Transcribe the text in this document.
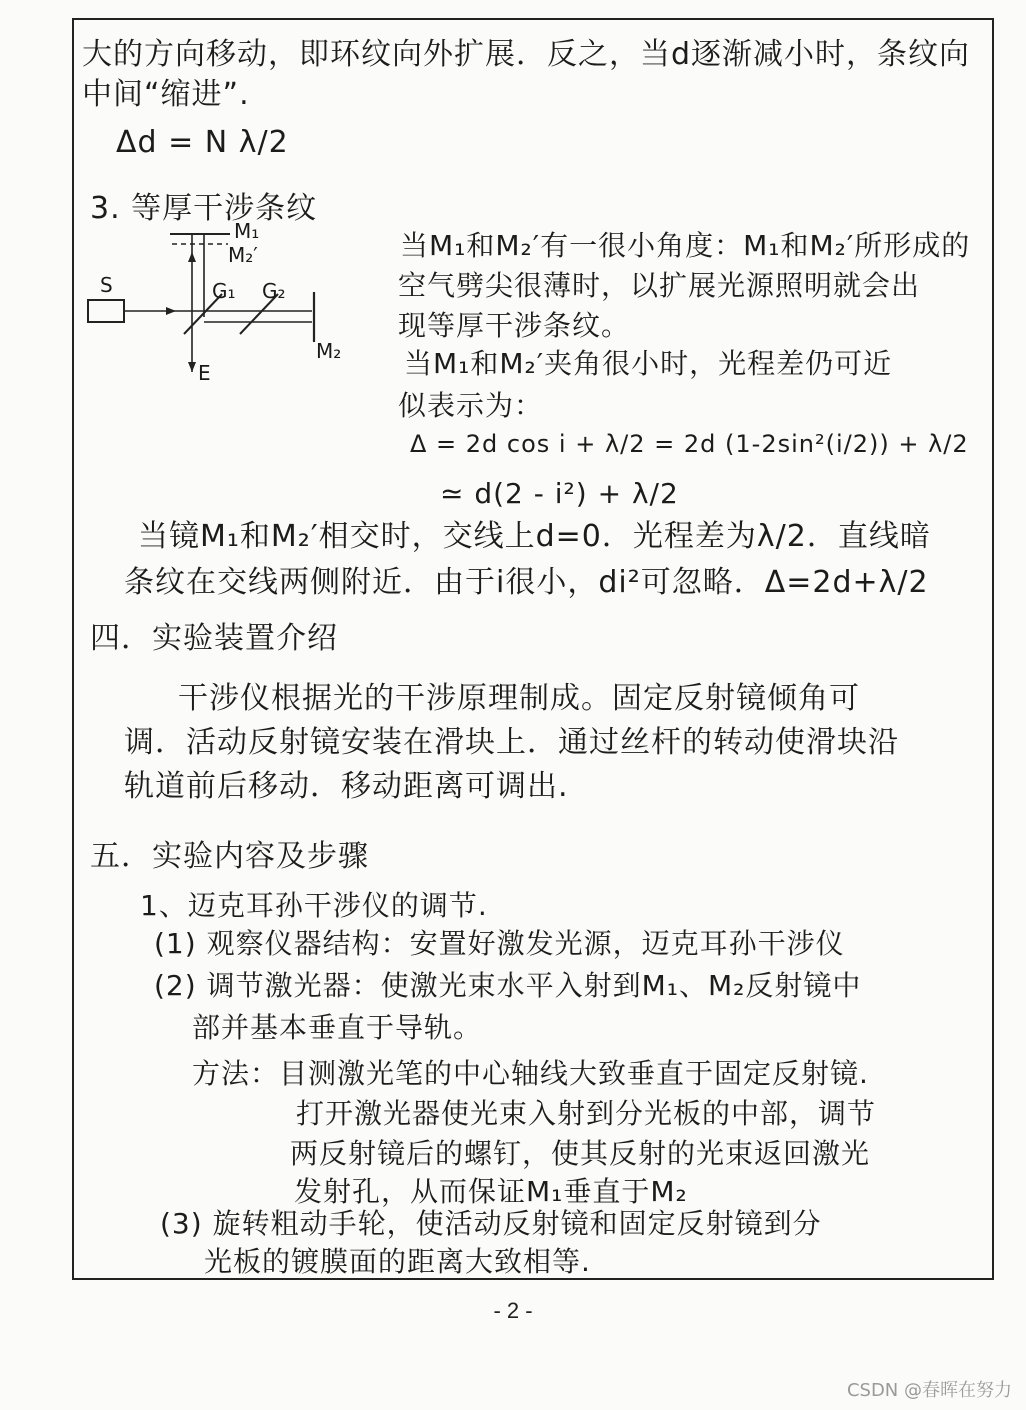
大的方向移动，即环纹向外扩展．反之，当d逐渐减小时，条纹向
中间“缩进”.
Δd = N λ/2
3. 等厚干涉条纹
M₁
M₂′
S	G₁ G₂
M₂
E
当M₁和M₂′有一很小角度：M₁和M₂′所形成的
空气劈尖很薄时，以扩展光源照明就会出
现等厚干涉条纹。
当M₁和M₂′夹角很小时，光程差仍可近
似表示为：
Δ = 2d cos i + λ/2 = 2d (1-2sin²(i/2)) + λ/2
≃ d(2 - i²) + λ/2
当镜M₁和M₂′相交时，交线上d=0．光程差为λ/2．直线暗
条纹在交线两侧附近．由于i很小，di²可忽略．Δ=2d+λ/2
四．实验装置介绍
干涉仪根据光的干涉原理制成。固定反射镜倾角可
调．活动反射镜安装在滑块上．通过丝杆的转动使滑块沿
轨道前后移动．移动距离可调出.
五．实验内容及步骤
1、迈克耳孙干涉仪的调节.
(1) 观察仪器结构：安置好激发光源，迈克耳孙干涉仪
(2) 调节激光器：使激光束水平入射到M₁、M₂反射镜中
部并基本垂直于导轨。
方法：目测激光笔的中心轴线大致垂直于固定反射镜.
打开激光器使光束入射到分光板的中部，调节
两反射镜后的螺钉，使其反射的光束返回激光
发射孔，从而保证M₁垂直于M₂
(3) 旋转粗动手轮，使活动反射镜和固定反射镜到分
光板的镀膜面的距离大致相等.
- 2 -
CSDN @春晖在努力
